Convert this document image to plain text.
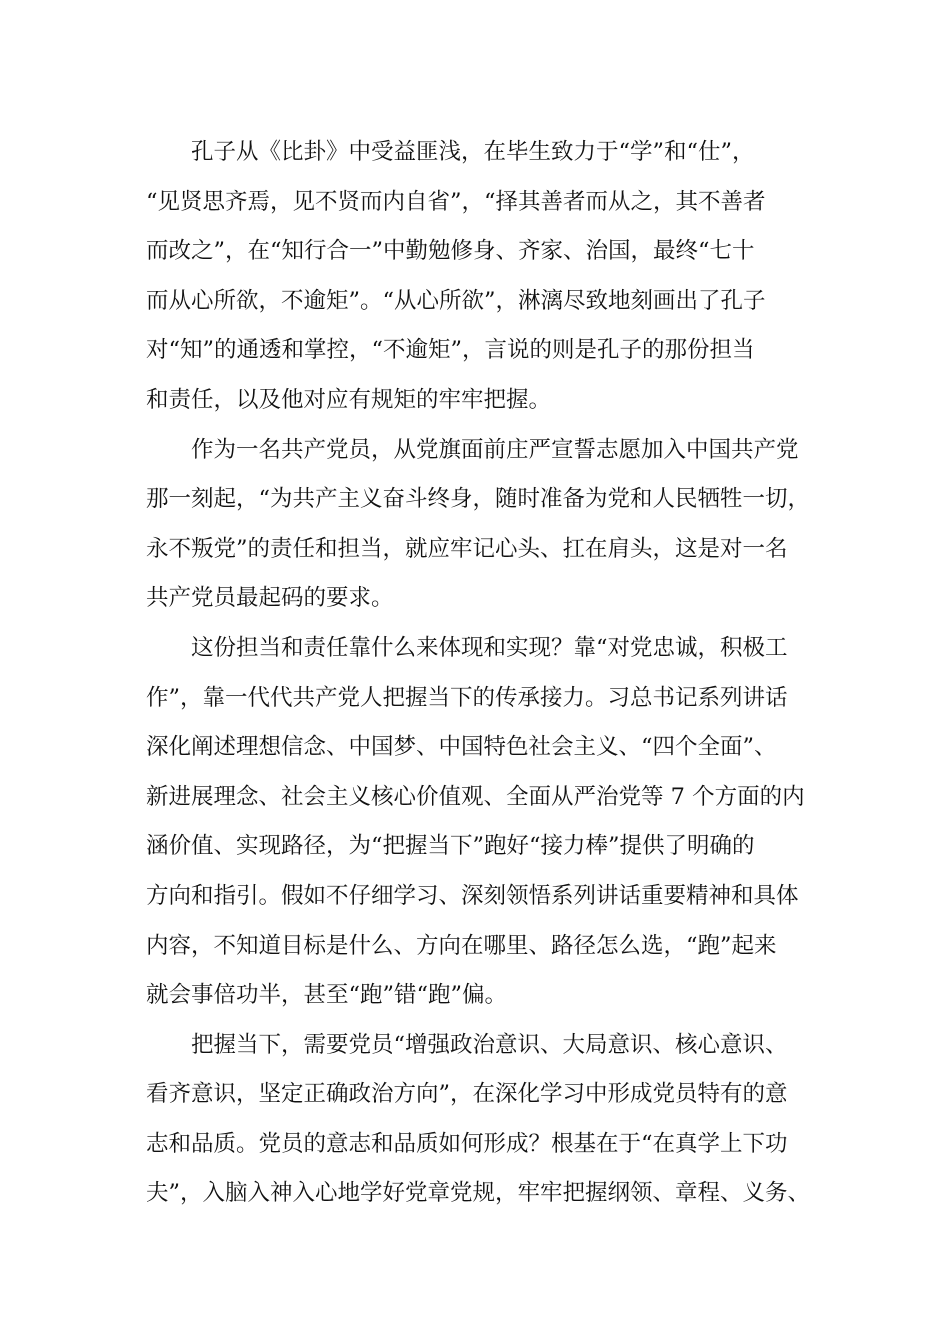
孔子从《比卦》中受益匪浅，在毕生致力于“学”和“仕”，
“见贤思齐焉，见不贤而内自省”，“择其善者而从之，其不善者
而改之”，在“知行合一”中勤勉修身、齐家、治国，最终“七十
而从心所欲，不逾矩”。“从心所欲”，淋漓尽致地刻画出了孔子
对“知”的通透和掌控，“不逾矩”，言说的则是孔子的那份担当
和责任，以及他对应有规矩的牢牢把握。
作为一名共产党员，从党旗面前庄严宣誓志愿加入中国共产党
那一刻起，“为共产主义奋斗终身，随时准备为党和人民牺牲一切，
永不叛党”的责任和担当，就应牢记心头、扛在肩头，这是对一名
共产党员最起码的要求。
这份担当和责任靠什么来体现和实现？靠“对党忠诚，积极工
作”，靠一代代共产党人把握当下的传承接力。习总书记系列讲话
深化阐述理想信念、中国梦、中国特色社会主义、“四个全面”、
新进展理念、社会主义核心价值观、全面从严治党等 7 个方面的内
涵价值、实现路径，为“把握当下”跑好“接力棒”提供了明确的
方向和指引。假如不仔细学习、深刻领悟系列讲话重要精神和具体
内容，不知道目标是什么、方向在哪里、路径怎么选，“跑”起来
就会事倍功半，甚至“跑”错“跑”偏。
把握当下，需要党员“增强政治意识、大局意识、核心意识、
看齐意识，坚定正确政治方向”，在深化学习中形成党员特有的意
志和品质。党员的意志和品质如何形成？根基在于“在真学上下功
夫”，入脑入神入心地学好党章党规，牢牢把握纲领、章程、义务、
